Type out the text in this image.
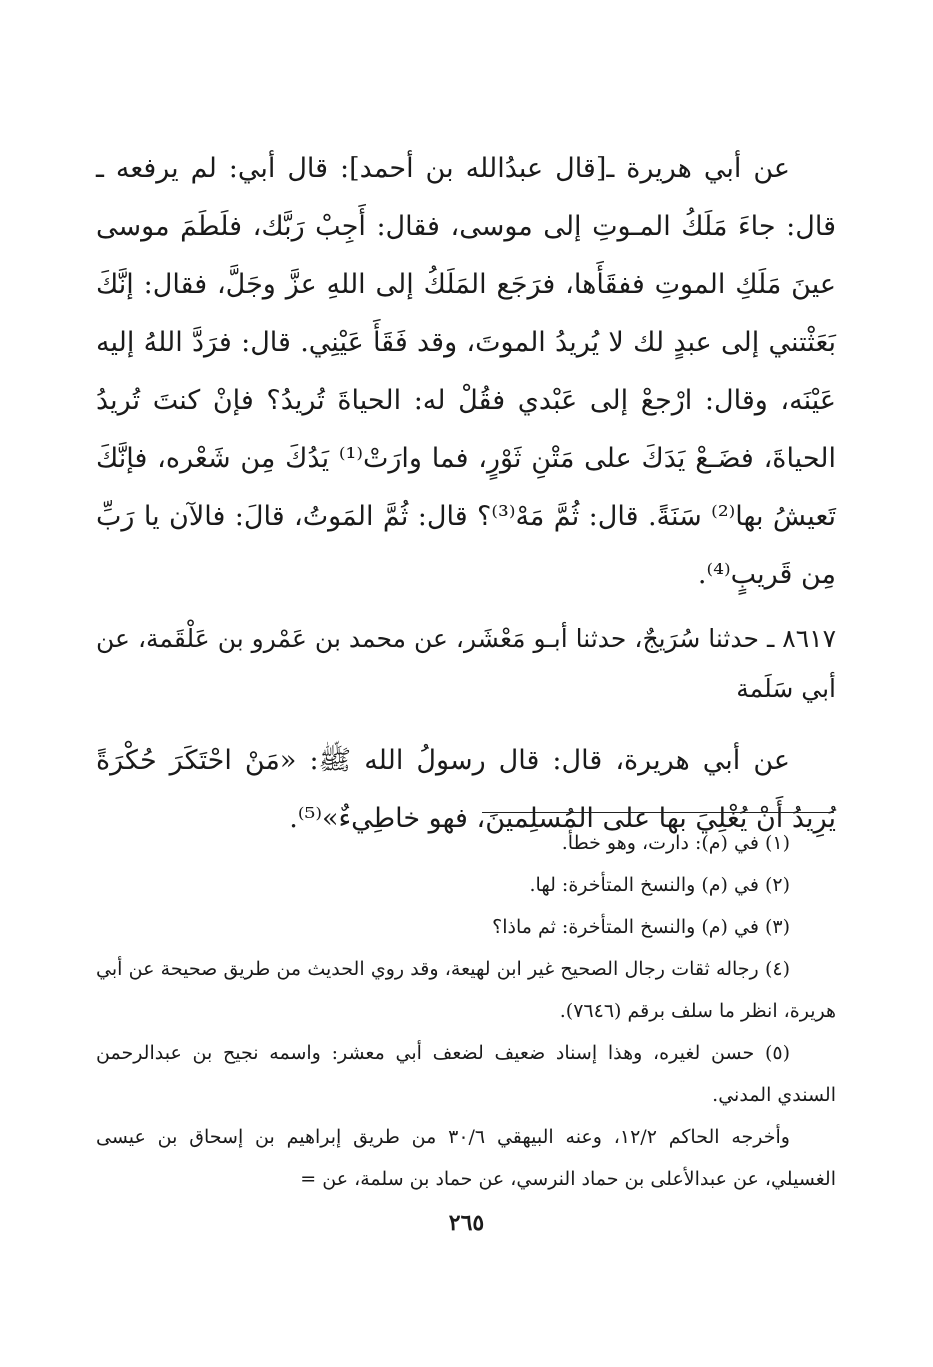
عن أبي هريرة ـ[قال عبدُالله بن أحمد]: قال أبي: لم يرفعه ـ قال: جاءَ مَلَكُ المـوتِ إلى موسى، فقال: أَجِبْ رَبَّك، فلَطَمَ موسى عينَ مَلَكِ الموتِ ففقَأَها، فرَجَع المَلَكُ إلى اللهِ عزَّ وجَلَّ، فقال: إنَّكَ بَعَثْتني إلى عبدٍ لك لا يُريدُ الموتَ، وقد فَقَأَ عَيْنِي. قال: فرَدَّ اللهُ إليه عَيْنَه، وقال: ارْجعْ إلى عَبْدي فقُلْ له: الحياةَ تُريدُ؟ فإنْ كنتَ تُريدُ الحياةَ، فضَـعْ يَدَكَ على مَتْنِ ثَوْرٍ، فما وارَتْ⁽¹⁾ يَدُكَ مِن شَعْره، فإنَّكَ تَعيشُ بها⁽²⁾ سَنَةً. قال: ثُمَّ مَهْ⁽³⁾؟ قال: ثُمَّ المَوتُ، قالَ: فالآن يا رَبِّ مِن قَريبٍ⁽⁴⁾.

٨٦١٧ ـ حدثنا سُرَيجٌ، حدثنا أبـو مَعْشَر، عن محمد بن عَمْرو بن عَلْقَمة، عن أبي سَلَمة

عن أبي هريرة، قال: قال رسولُ الله ﷺ: «مَنْ احْتَكَرَ حُكْرَةً يُرِيدُ أَنْ يُغْلِيَ بها على المُسلِمينَ، فهو خاطِيءٌ»⁽⁵⁾.

(١) في (م): دارت، وهو خطأ.

(٢) في (م) والنسخ المتأخرة: لها.

(٣) في (م) والنسخ المتأخرة: ثم ماذا؟

(٤) رجاله ثقات رجال الصحيح غير ابن لهيعة، وقد روي الحديث من طريق صحيحة عن أبي هريرة، انظر ما سلف برقم (٧٦٤٦).

(٥) حسن لغيره، وهذا إسناد ضعيف لضعف أبي معشر: واسمه نجيح بن عبدالرحمن السندي المدني.

وأخرجه الحاكم ١٢/٢، وعنه البيهقي ٣٠/٦ من طريق إبراهيم بن إسحاق بن عيسى الغسيلي، عن عبدالأعلى بن حماد النرسي، عن حماد بن سلمة، عن =

٢٦٥
